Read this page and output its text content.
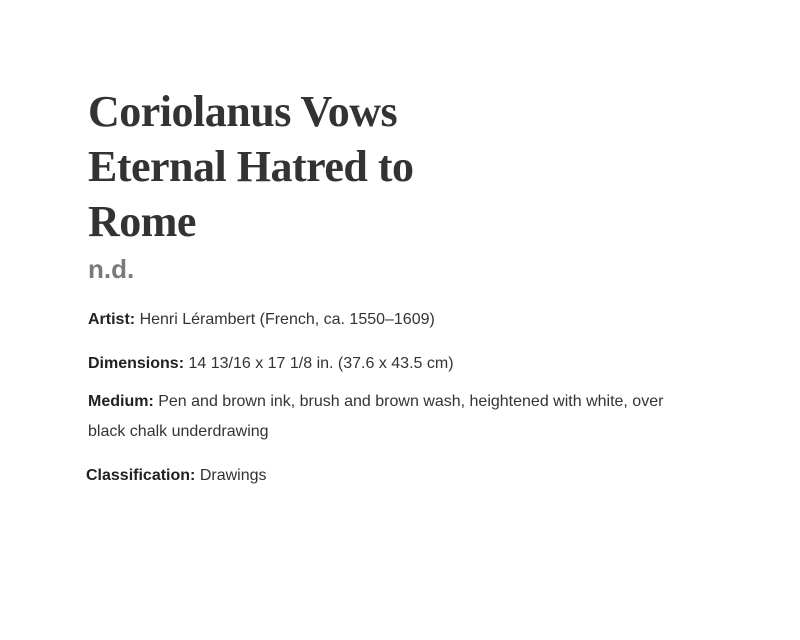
Coriolanus Vows Eternal Hatred to Rome
n.d.
Artist: Henri Lérambert (French, ca. 1550–1609)
Dimensions: 14 13/16 x 17 1/8 in. (37.6 x 43.5 cm)
Medium: Pen and brown ink, brush and brown wash, heightened with white, over black chalk underdrawing
Classification: Drawings
